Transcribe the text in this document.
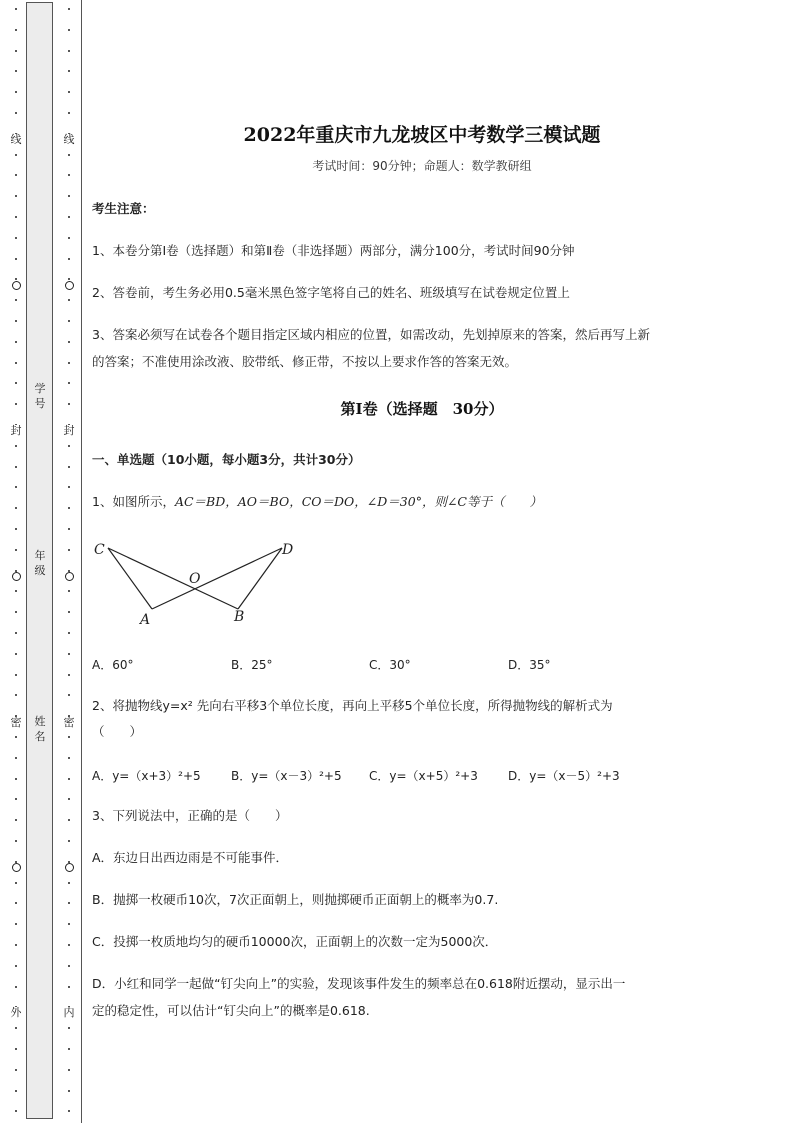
学号
年级
姓名
线
封
密
外
线
封
密
内
2022年重庆市九龙坡区中考数学三模试题
考试时间：90分钟；命题人：数学教研组
考生注意：
1、本卷分第I卷（选择题）和第Ⅱ卷（非选择题）两部分，满分100分，考试时间90分钟
2、答卷前，考生务必用0.5毫米黑色签字笔将自己的姓名、班级填写在试卷规定位置上
3、答案必须写在试卷各个题目指定区域内相应的位置，如需改动，先划掉原来的答案，然后再写上新
的答案；不准使用涂改液、胶带纸、修正带，不按以上要求作答的答案无效。
第I卷（选择题　30分）
一、单选题（10小题，每小题3分，共计30分）
1、如图所示，AC＝BD，AO＝BO，CO＝DO，∠D＝30°，则∠C等于（　　）
A．60°	B．25°	C．30°	D．35°
2、将抛物线y=x² 先向右平移3个单位长度，再向上平移5个单位长度，所得抛物线的解析式为
（　　）
A．y=（x+3）²+5	B．y=（x－3）²+5 C．y=（x+5）²+3	D．y=（x－5）²+3
3、下列说法中，正确的是（　　）
A．东边日出西边雨是不可能事件．
B．抛掷一枚硬币10次，7次正面朝上，则抛掷硬币正面朝上的概率为0.7.
C．投掷一枚质地均匀的硬币10000次，正面朝上的次数一定为5000次．
D．小红和同学一起做“钉尖向上”的实验，发现该事件发生的频率总在0.618附近摆动，显示出一
定的稳定性，可以估计“钉尖向上”的概率是0.618.
C	D
O
A	B
